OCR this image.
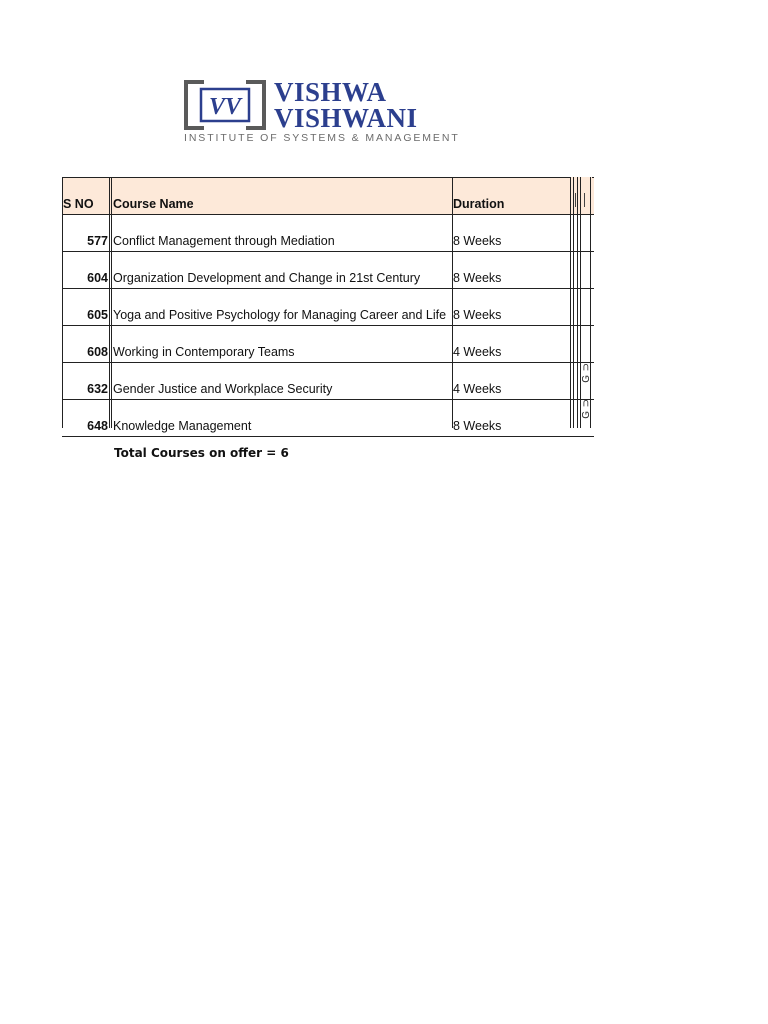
VV VISHWA
VISHWANI
INSTITUTE OF SYSTEMS & MANAGEMENT
S NO	Course Name	Duration
577 Conflict Management through Mediation	8 Weeks
604 Organization Development and Change in 21st Century	8 Weeks
605 Yoga and Positive Psychology for Managing Career and Life 8 Weeks
608 Working in Contemporary Teams	4 Weeks
632 Gender Justice and Workplace Security	4 Weeks
648 Knowledge Management	8 Weeks
⊃
G
⊃
G
Total Courses on offer = 6
